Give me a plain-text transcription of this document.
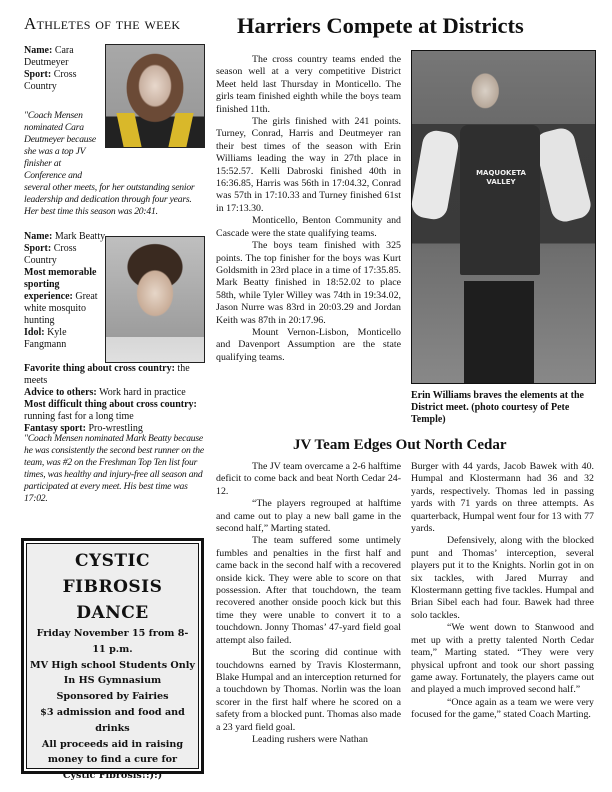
Athletes of the week
Name: Cara Deutmeyer
Sport: Cross Country
"Coach Mensen nominated Cara Deutmeyer because she was a top JV finisher at Conference and
several other meets, for her outstanding senior leadership and dedication through four years. Her best time this season was 20:41.
Name: Mark Beatty
Sport: Cross Country
Most memorable sporting experience: Great white mosquito hunting
Idol: Kyle Fangmann
Favorite thing about cross country: the meets
Advice to others: Work hard in practice
Most difficult thing about cross country: running fast for a long time
Fantasy sport: Pro-wrestling
"Coach Mensen nominated Mark Beatty because he was consistently the second best runner on the team, was #2 on the Freshman Top Ten list four times, was healthy and injury-free all season and participated at every meet. His best time was 17:02.
CYSTIC FIBROSIS
DANCE
Friday November 15 from 8-11 p.m.
MV High school Students Only
In HS Gymnasium
Sponsored by Fairies
$3 admission and food and drinks
All proceeds aid in raising money to find a cure for Cystic Fibrosis!:):)
Harriers Compete at Districts

The cross country teams ended the season well at a very competitive District Meet held last Thursday in Monticello. The girls team finished eighth while the boys team finished 11th.

The girls finished with 241 points. Turney, Conrad, Harris and Deutmeyer ran their best times of the season with Erin Williams leading the way in 27th place in 15:52.57. Kelli Dabroski finished 40th in 16:36.85, Harris was 56th in 17:04.32, Conrad was 57th in 17:10.33 and Turney finished 61st in 17:13.30.

Monticello, Benton Community and Cascade were the state qualifying teams.

The boys team finished with 325 points. The top finisher for the boys was Kurt Goldsmith in 23rd place in a time of 17:35.85. Mark Beatty finished in 18:52.02 to place 58th, while Tyler Willey was 74th in 19:34.02, Jason Nurre was 83rd in 20:03.29 and Jordan Keith was 87th in 20:17.96.

Mount Vernon-Lisbon, Monticello and Davenport Assumption are the state qualifying teams.

MAQUOKETA VALLEY
Erin Williams braves the elements at the District meet. (photo courtesy of Pete Temple)
JV Team Edges Out North Cedar

The JV team overcame a 2-6 halftime deficit to come back and beat North Cedar 24-12.

“The players regrouped at halftime and came out to play a new ball game in the second half,” Marting stated.

The team suffered some untimely fumbles and penalties in the first half and came back in the second half with a recovered onside kick. They were able to score on that possession. After that touchdown, the team recovered another onside pooch kick but this time they were unable to convert it to a touchdown. Jonny Thomas’ 47-yard field goal attempt also failed.

But the scoring did continue with touchdowns earned by Travis Klostermann, Blake Humpal and an interception returned for a touchdown by Thomas. Norlin was the loan scorer in the first half where he scored on a safety from a blocked punt. Thomas also made a 23 yard field goal.

Leading rushers were Nathan

Burger with 44 yards, Jacob Bawek with 40. Humpal and Klostermann had 36 and 32 yards, respectively. Thomas led in passing yards with 71 yards on three attempts. As quarterback, Humpal went four for 13 with 77 yards.

Defensively, along with the blocked punt and Thomas’ interception, several players put it to the Knights. Norlin got in on six tackles, with Jared Murray and Klostermann getting five tackles. Humpal and Brian Sibel each had four. Bawek had three solo tackles.

“We went down to Stanwood and met up with a pretty talented North Cedar team,” Marting stated. “They were very physical upfront and took our short passing game away. Fortunately, the players came out and played a much improved second half.”

“Once again as a team we were very focused for the game,” stated Coach Marting.
